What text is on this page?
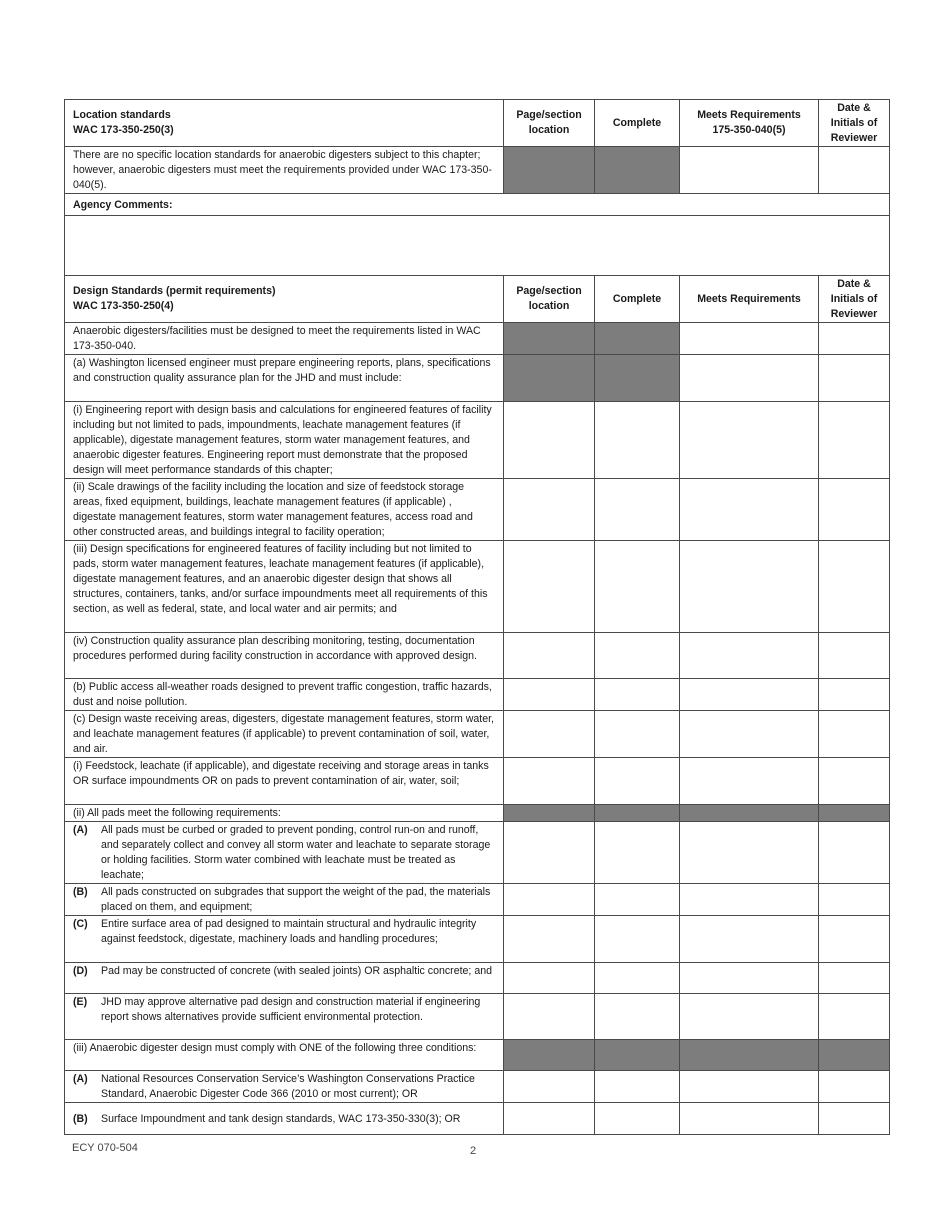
Location standards
WAC 173-350-250(3)	Page/section location	Complete	Meets Requirements 175-350-040(5)	Date & Initials of Reviewer
There are no specific location standards for anaerobic digesters subject to this chapter; however, anaerobic digesters must meet the requirements provided under WAC 173-350-040(5).				
Agency Comments:				

Design Standards (permit requirements)
WAC 173-350-250(4)	Page/section location	Complete	Meets Requirements	Date & Initials of Reviewer
Anaerobic digesters/facilities must be designed to meet the requirements listed in WAC 173-350-040.				
(a) Washington licensed engineer must prepare engineering reports, plans, specifications and construction quality assurance plan for the JHD and must include:				
(i) Engineering report with design basis and calculations for engineered features of facility including but not limited to pads, impoundments, leachate management features (if applicable), digestate management features, storm water management features, and anaerobic digester features. Engineering report must demonstrate that the proposed design will meet performance standards of this chapter;				
(ii) Scale drawings of the facility including the location and size of feedstock storage areas, fixed equipment, buildings, leachate management features (if applicable) , digestate management features, storm water management features, access road and other constructed areas, and buildings integral to facility operation;				
(iii) Design specifications for engineered features of facility including but not limited to pads, storm water management features, leachate management features (if applicable), digestate management features, and an anaerobic digester design that shows all structures, containers, tanks, and/or surface impoundments meet all requirements of this section, as well as federal, state, and local water and air permits; and				
(iv) Construction quality assurance plan describing monitoring, testing, documentation procedures performed during facility construction in accordance with approved design.				
(b) Public access all-weather roads designed to prevent traffic congestion, traffic hazards, dust and noise pollution.				
(c) Design waste receiving areas, digesters, digestate management features, storm water, and leachate management features (if applicable) to prevent contamination of soil, water, and air.				
(i) Feedstock, leachate (if applicable), and digestate receiving and storage areas in tanks OR surface impoundments OR on pads to prevent contamination of air, water, soil;				
(ii) All pads meet the following requirements:				

(A) All pads must be curbed or graded to prevent ponding, control run-on and runoff, and separately collect and convey all storm water and leachate to separate storage or holding facilities. Storm water combined with leachate must be treated as leachate;				

(B) All pads constructed on subgrades that support the weight of the pad, the materials placed on them, and equipment;				

(C) Entire surface area of pad designed to maintain structural and hydraulic integrity against feedstock, digestate, machinery loads and handling procedures;				

(D) Pad may be constructed of concrete (with sealed joints) OR asphaltic concrete; and				

(E) JHD may approve alternative pad design and construction material if engineering report shows alternatives provide sufficient environmental protection.				

(iii) Anaerobic digester design must comply with ONE of the following three conditions:				

(A) National Resources Conservation Service’s Washington Conservations Practice Standard, Anaerobic Digester Code 366 (2010 or most current); OR				

(B) Surface Impoundment and tank design standards, WAC 173-350-330(3); OR				

ECY 070-504	2
